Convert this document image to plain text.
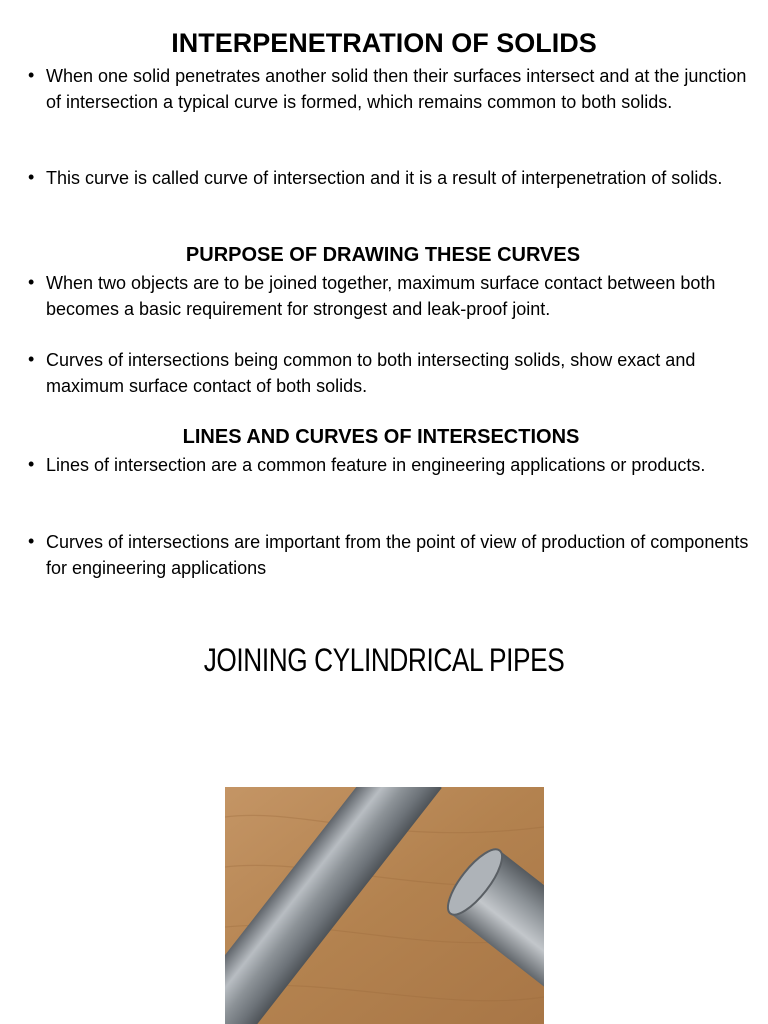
INTERPENETRATION OF SOLIDS
• When one solid penetrates another solid then their surfaces intersect and at the junction of intersection a typical curve is formed, which remains common to both solids.
• This curve is called curve of intersection and it is a result of interpenetration of solids.
PURPOSE OF DRAWING THESE CURVES
• When two objects are to be joined together, maximum surface contact between both becomes a basic requirement for strongest and leak-proof joint.
• Curves of intersections being common to both intersecting solids, show exact and maximum surface contact of both solids.
LINES AND CURVES OF INTERSECTIONS
• Lines of intersection are a common feature in engineering applications or products.
• Curves of intersections are important from the point of view of production of components for engineering applications
JOINING CYLINDRICAL PIPES
